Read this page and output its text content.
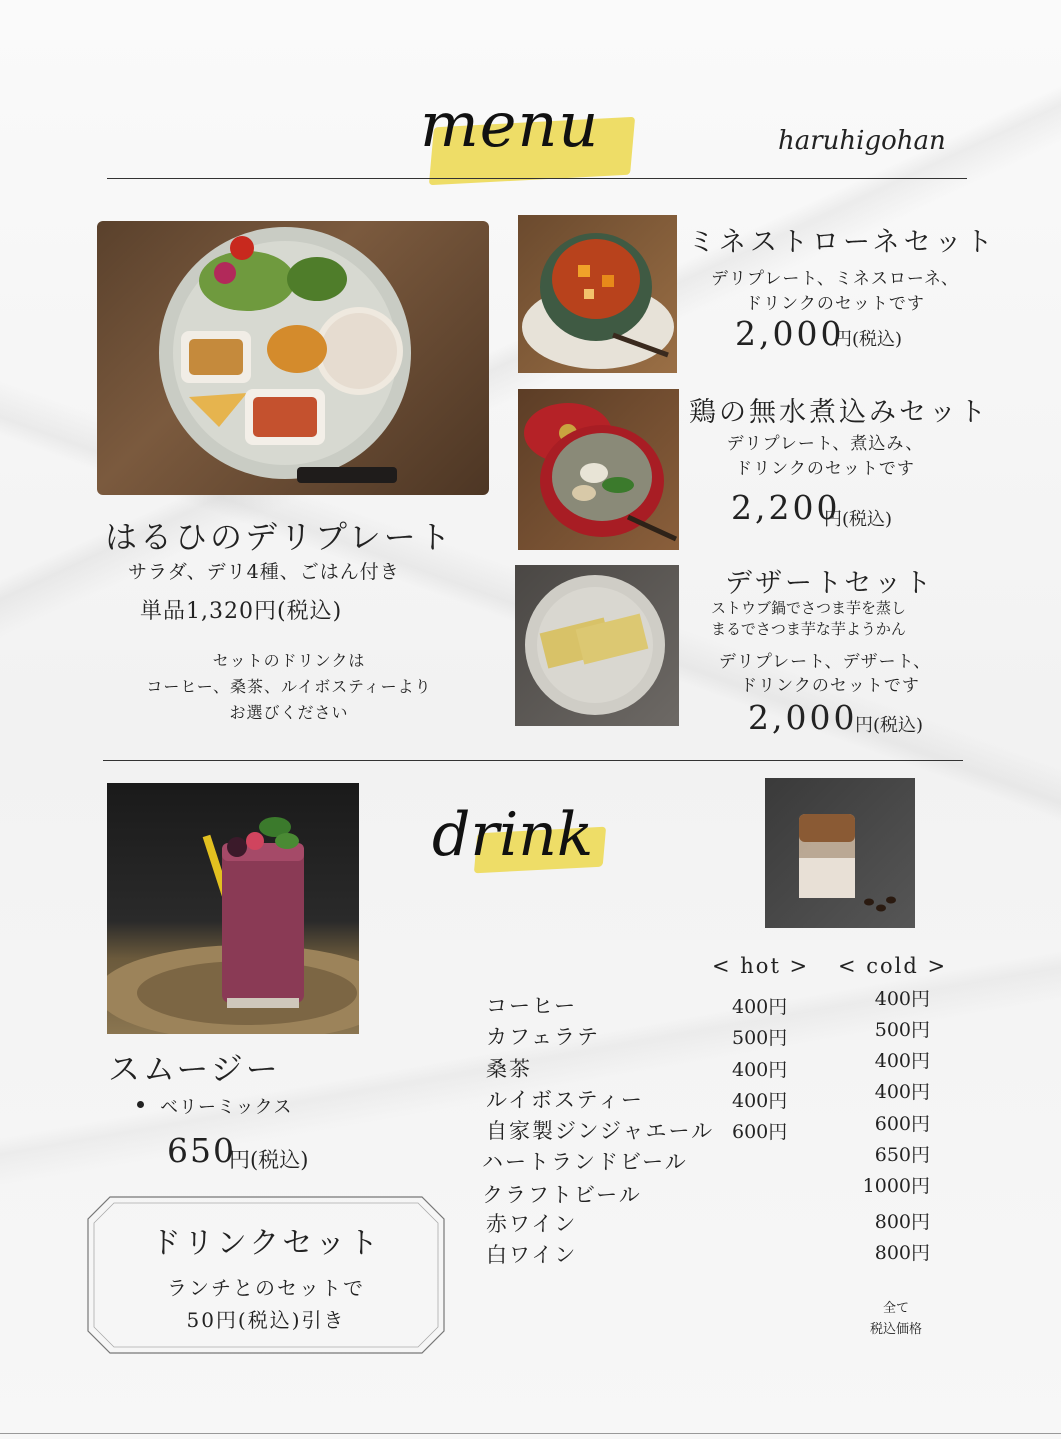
menu	haruhigohan
はるひのデリプレート
サラダ、デリ4種、ごはん付き
単品1,320円(税込)
セットのドリンクは
コーヒー、桑茶、ルイボスティーより
お選びください
ミネストローネセット
デリプレート、ミネスローネ、
ドリンクのセットです
2,000
円(税込)
鶏の無水煮込みセット
デリプレート、煮込み、
ドリンクのセットです
2,200
円(税込)
デザートセット
ストウブ鍋でさつま芋を蒸し
まるでさつま芋な芋ようかん
デリプレート、デザート、
ドリンクのセットです
2,000
円(税込)
スムージー
ベリーミックス
650
円(税込)
ドリンクセット
ランチとのセットで
50円(税込)引き
drink
< hot > < cold >
コーヒー
カフェラテ
桑茶
ルイボスティー
自家製ジンジャエール
ハートランドビール
クラフトビール
赤ワイン
白ワイン
400円
500円
400円
400円
600円
400円
500円
400円
400円
600円
650円
1000円
800円
800円
全て
税込価格
